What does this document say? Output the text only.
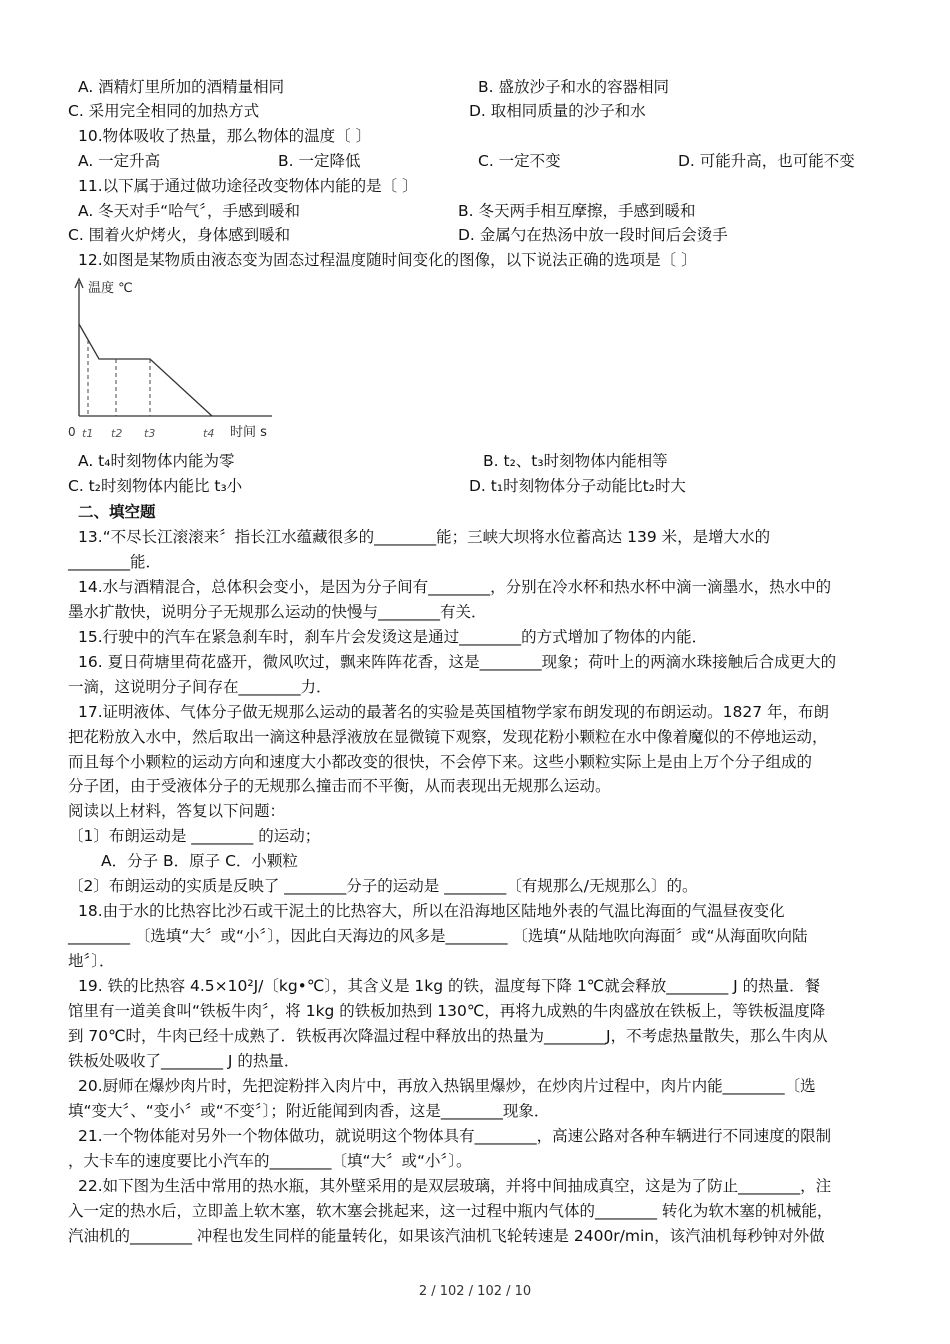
A. 酒精灯里所加的酒精量相同	B. 盛放沙子和水的容器相同
C. 采用完全相同的加热方式	D. 取相同质量的沙子和水
10.物体吸收了热量，那么物体的温度〔 〕
A. 一定升高	B. 一定降低	C. 一定不变	D. 可能升高，也可能不变
11.以下属于通过做功途径改变物体内能的是〔 〕
A. 冬天对手“哈气〞，手感到暖和	B. 冬天两手相互摩擦，手感到暖和
C. 围着火炉烤火，身体感到暖和	D. 金属勺在热汤中放一段时间后会烫手
12.如图是某物质由液态变为固态过程温度随时间变化的图像，以下说法正确的选项是〔 〕
温度 ℃
0 t1 t2 t3	t4 时间 s
A. t₄时刻物体内能为零	B. t₂、t₃时刻物体内能相等
C. t₂时刻物体内能比 t₃小	D. t₁时刻物体分子动能比t₂时大
二、填空题
13.“不尽长江滚滚来〞指长江水蕴藏很多的________能；三峡大坝将水位蓄高达 139 米，是增大水的
________能．
14.水与酒精混合，总体积会变小，是因为分子间有________，分别在冷水杯和热水杯中滴一滴墨水，热水中的
墨水扩散快，说明分子无规那么运动的快慢与________有关．
15.行驶中的汽车在紧急刹车时，刹车片会发烫这是通过________的方式增加了物体的内能．
16. 夏日荷塘里荷花盛开，微风吹过，飘来阵阵花香，这是________现象；荷叶上的两滴水珠接触后合成更大的
一滴，这说明分子间存在________力．
17.证明液体、气体分子做无规那么运动的最著名的实验是英国植物学家布朗发现的布朗运动。1827 年，布朗
把花粉放入水中，然后取出一滴这种悬浮液放在显微镜下观察，发现花粉小颗粒在水中像着魔似的不停地运动，
而且每个小颗粒的运动方向和速度大小都改变的很快，不会停下来。这些小颗粒实际上是由上万个分子组成的
分子团，由于受液体分子的无规那么撞击而不平衡，从而表现出无规那么运动。
阅读以上材料，答复以下问题：
〔1〕布朗运动是 ________ 的运动；
A．分子 B．原子 C．小颗粒
〔2〕布朗运动的实质是反映了 ________分子的运动是 ________〔有规那么/无规那么〕的。
18.由于水的比热容比沙石或干泥土的比热容大，所以在沿海地区陆地外表的气温比海面的气温昼夜变化
________ 〔选填“大〞或“小〞〕，因此白天海边的风多是________ 〔选填“从陆地吹向海面〞或“从海面吹向陆
地〞〕．
19. 铁的比热容 4.5×10²J/〔kg•℃〕，其含义是 1kg 的铁，温度每下降 1℃就会释放________ J 的热量．餐
馆里有一道美食叫“铁板牛肉〞，将 1kg 的铁板加热到 130℃，再将九成熟的牛肉盛放在铁板上，等铁板温度降
到 70℃时，牛肉已经十成熟了．铁板再次降温过程中释放出的热量为________J，不考虑热量散失，那么牛肉从
铁板处吸收了________ J 的热量．
20.厨师在爆炒肉片时，先把淀粉拌入肉片中，再放入热锅里爆炒，在炒肉片过程中，肉片内能________〔选
填“变大〞、“变小〞或“不变〞〕；附近能闻到肉香，这是________现象．
21.一个物体能对另外一个物体做功，就说明这个物体具有________，高速公路对各种车辆进行不同速度的限制
，大卡车的速度要比小汽车的________〔填“大〞或“小〞〕。
22.如下图为生活中常用的热水瓶，其外壁采用的是双层玻璃，并将中间抽成真空，这是为了防止________，注
入一定的热水后，立即盖上软木塞，软木塞会挑起来，这一过程中瓶内气体的________ 转化为软木塞的机械能，
汽油机的________ 冲程也发生同样的能量转化，如果该汽油机飞轮转速是 2400r/min，该汽油机每秒钟对外做
2 / 102 / 102 / 10
